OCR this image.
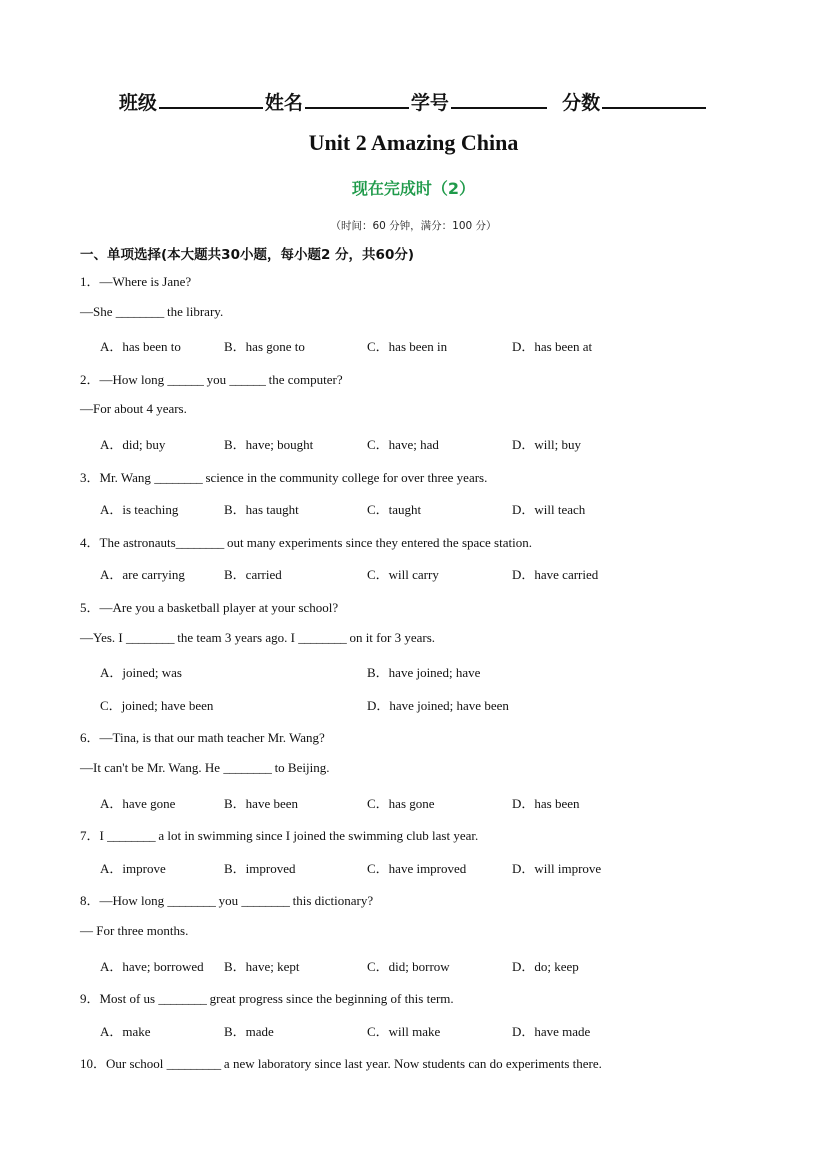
班级	姓名	学号	分数
Unit 2 Amazing China
现在完成时（2）
（时间：60 分钟，满分：100 分）
一、单项选择(本大题共30小题，每小题2 分，共60分)
1．—Where is Jane?
—She ________ the library.
A．has been to	B．has gone to	C．has been in	D．has been at
2．—How long ______ you ______ the computer?
—For about 4 years.
A．did; buy	B．have; bought	C．have; had	D．will; buy
3．Mr. Wang ________ science in the community college for over three years.
A．is teaching	B．has taught	C．taught	D．will teach
4．The astronauts________ out many experiments since they entered the space station.
A．are carrying	B．carried	C．will carry	D．have carried
5．—Are you a basketball player at your school?
—Yes. I ________ the team 3 years ago. I ________ on it for 3 years.
A．joined; was	B．have joined; have
C．joined; have been	D．have joined; have been
6．—Tina, is that our math teacher Mr. Wang?
—It can't be Mr. Wang. He ________ to Beijing.
A．have gone	B．have been	C．has gone	D．has been
7．I ________ a lot in swimming since I joined the swimming club last year.
A．improve	B．improved	C．have improved	D．will improve
8．—How long ________ you ________ this dictionary?
— For three months.
A．have; borrowed B．have; kept	C．did; borrow	D．do; keep
9．Most of us ________ great progress since the beginning of this term.
A．make	B．made	C．will make	D．have made
10．Our school _________ a new laboratory since last year. Now students can do experiments there.
